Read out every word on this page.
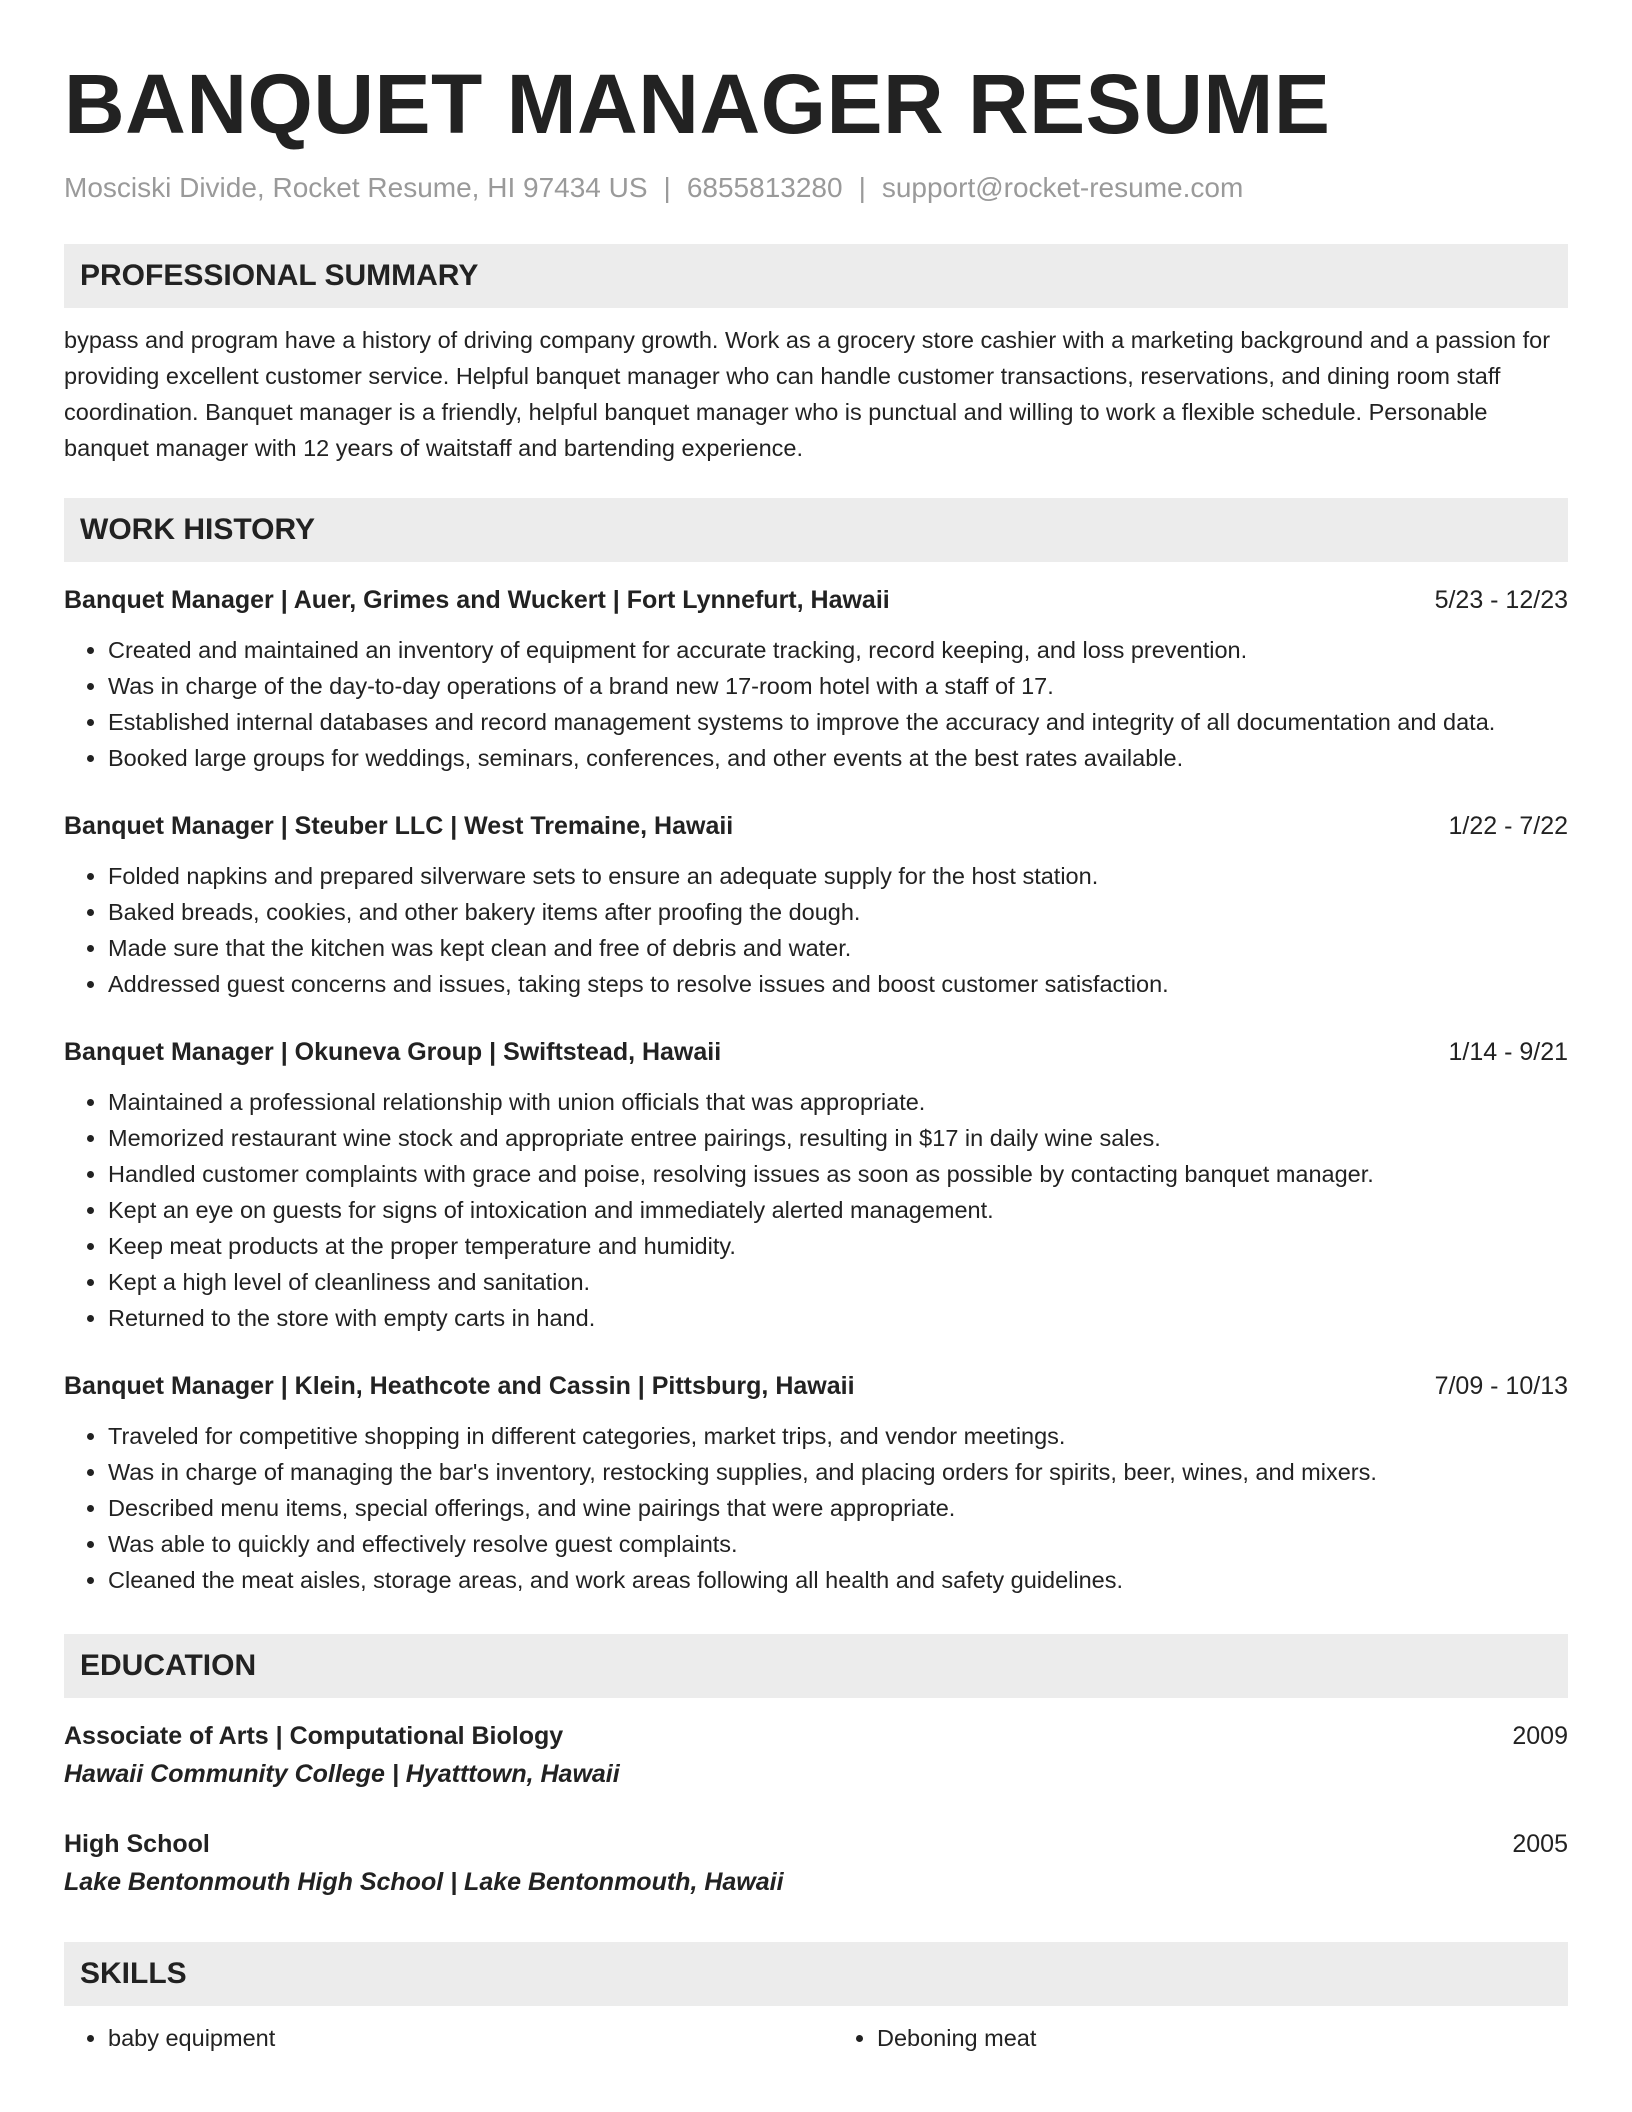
BANQUET MANAGER RESUME
Mosciski Divide, Rocket Resume, HI 97434 US | 6855813280 | support@rocket-resume.com
PROFESSIONAL SUMMARY

bypass and program have a history of driving company growth. Work as a grocery store cashier with a marketing background and a passion for providing excellent customer service. Helpful banquet manager who can handle customer transactions, reservations, and dining room staff coordination. Banquet manager is a friendly, helpful banquet manager who is punctual and willing to work a flexible schedule. Personable banquet manager with 12 years of waitstaff and bartending experience.

WORK HISTORY
Banquet Manager | Auer, Grimes and Wuckert | Fort Lynnefurt, Hawaii	5/23 - 12/23
• Created and maintained an inventory of equipment for accurate tracking, record keeping, and loss prevention.
• Was in charge of the day-to-day operations of a brand new 17-room hotel with a staff of 17.
• Established internal databases and record management systems to improve the accuracy and integrity of all documentation and data.
• Booked large groups for weddings, seminars, conferences, and other events at the best rates available.
Banquet Manager | Steuber LLC | West Tremaine, Hawaii	1/22 - 7/22
• Folded napkins and prepared silverware sets to ensure an adequate supply for the host station.
• Baked breads, cookies, and other bakery items after proofing the dough.
• Made sure that the kitchen was kept clean and free of debris and water.
• Addressed guest concerns and issues, taking steps to resolve issues and boost customer satisfaction.
Banquet Manager | Okuneva Group | Swiftstead, Hawaii	1/14 - 9/21
• Maintained a professional relationship with union officials that was appropriate.
• Memorized restaurant wine stock and appropriate entree pairings, resulting in $17 in daily wine sales.
• Handled customer complaints with grace and poise, resolving issues as soon as possible by contacting banquet manager.
• Kept an eye on guests for signs of intoxication and immediately alerted management.
• Keep meat products at the proper temperature and humidity.
• Kept a high level of cleanliness and sanitation.
• Returned to the store with empty carts in hand.
Banquet Manager | Klein, Heathcote and Cassin | Pittsburg, Hawaii	7/09 - 10/13
• Traveled for competitive shopping in different categories, market trips, and vendor meetings.
• Was in charge of managing the bar's inventory, restocking supplies, and placing orders for spirits, beer, wines, and mixers.
• Described menu items, special offerings, and wine pairings that were appropriate.
• Was able to quickly and effectively resolve guest complaints.
• Cleaned the meat aisles, storage areas, and work areas following all health and safety guidelines.
EDUCATION
Associate of Arts | Computational Biology	2009
Hawaii Community College | Hyatttown, Hawaii
High School	2005
Lake Bentonmouth High School | Lake Bentonmouth, Hawaii
SKILLS
• baby equipment
•	Deboning meat
